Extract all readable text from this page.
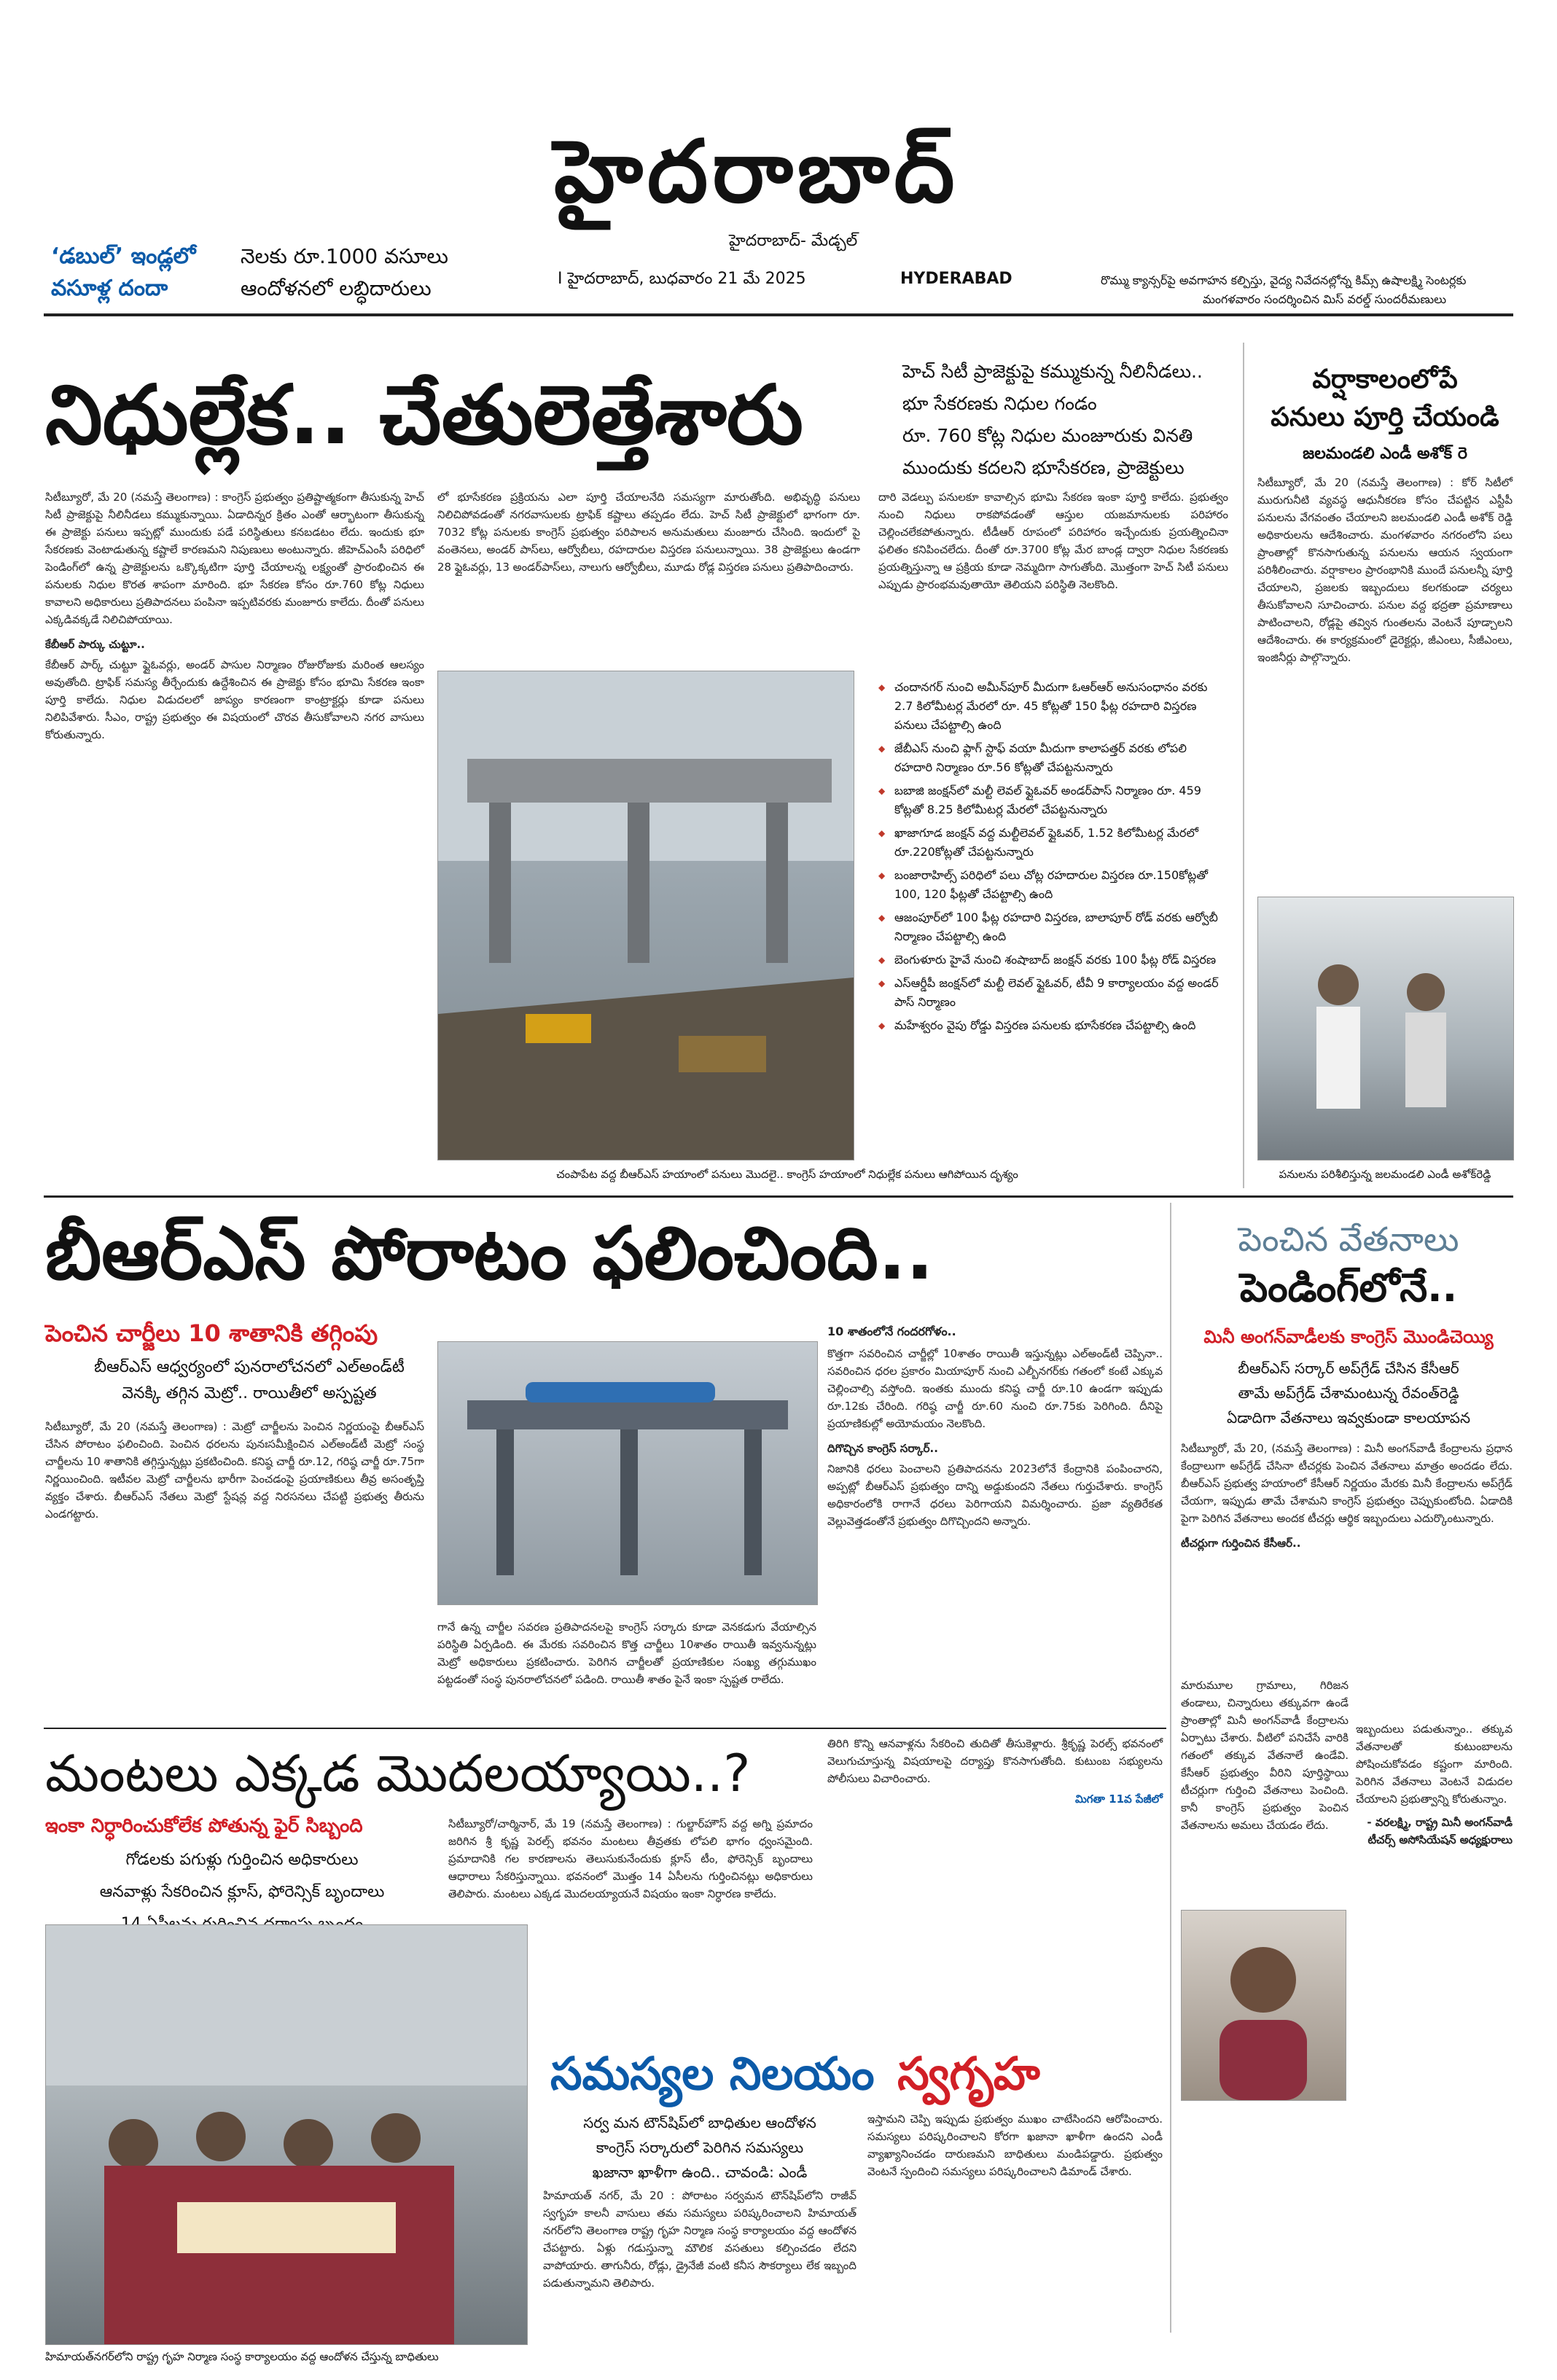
హైదరాబాద్
హైదరాబాద్- మేడ్చల్
I హైదరాబాద్, బుధవారం 21 మే 2025	HYDERABAD
‘డబుల్’ ఇండ్లలో
వసూళ్ల దందా
నెలకు రూ.1000 వసూలు
ఆందోళనలో లబ్ధిదారులు	రొమ్ము క్యాన్సర్‌పై అవగాహన కల్పిస్తు, వైద్య నివేదనల్లోన్న కిమ్స్ ఉషాలక్ష్మి సెంటర్లకు
మంగళవారం సందర్శించిన మిస్ వరల్డ్ సుందరీమణులు
నిధుల్లేక.. చేతులెత్తేశారు	హెచ్ సిటీ ప్రాజెక్టుపై కమ్ముకున్న నీలినీడలు..
భూ సేకరణకు నిధుల గండం
రూ. 760 కోట్ల నిధుల మంజూరుకు వినతి
ముందుకు కదలని భూసేకరణ, ప్రాజెక్టులు
సిటీబ్యూరో, మే 20 (నమస్తే తెలంగాణ) : కాంగ్రెస్ ప్రభుత్వం ప్రతిష్టాత్మకంగా తీసుకున్న హెచ్ సిటీ ప్రాజెక్టుపై నీలినీడలు కమ్ముకున్నాయి. ఏడాదిన్నర క్రితం ఎంతో ఆర్భాటంగా తీసుకున్న ఈ ప్రాజెక్టు పనులు ఇప్పట్లో ముందుకు పడే పరిస్థితులు కనబడటం లేదు. ఇందుకు భూ సేకరణకు వెంటాడుతున్న కష్టాలే కారణమని నిపుణులు అంటున్నారు. జీహెచ్ఎంసీ పరిధిలో పెండింగ్‌లో ఉన్న ప్రాజెక్టులను ఒక్కొక్కటిగా పూర్తి చేయాలన్న లక్ష్యంతో ప్రారంభించిన ఈ పనులకు నిధుల కొరత శాపంగా మారింది. భూ సేకరణ కోసం రూ.760 కోట్ల నిధులు కావాలని అధికారులు ప్రతిపాదనలు పంపినా ఇప్పటివరకు మంజూరు కాలేదు. దీంతో పనులు ఎక్కడివక్కడే నిలిచిపోయాయి.
కేబీఆర్ పార్కు చుట్టూ..
కేబీఆర్ పార్క్ చుట్టూ ఫ్లైఓవర్లు, అండర్ పాసుల నిర్మాణం రోజురోజుకు మరింత ఆలస్యం అవుతోంది. ట్రాఫిక్ సమస్య తీర్చేందుకు ఉద్దేశించిన ఈ ప్రాజెక్టు కోసం భూమి సేకరణ ఇంకా పూర్తి కాలేదు. నిధుల విడుదలలో జాప్యం కారణంగా కాంట్రాక్టర్లు కూడా పనులు నిలిపివేశారు. సీఎం, రాష్ట్ర ప్రభుత్వం ఈ విషయంలో చొరవ తీసుకోవాలని నగర వాసులు కోరుతున్నారు.
లో భూసేకరణ ప్రక్రియను ఎలా పూర్తి చేయాలనేది సమస్యగా మారుతోంది. అభివృద్ధి పనులు నిలిచిపోవడంతో నగరవాసులకు ట్రాఫిక్ కష్టాలు తప్పడం లేదు. హెచ్ సిటీ ప్రాజెక్టులో భాగంగా రూ. 7032 కోట్ల పనులకు కాంగ్రెస్ ప్రభుత్వం పరిపాలన అనుమతులు మంజూరు చేసింది. ఇందులో పై వంతెనలు, అండర్ పాస్‌లు, ఆర్వోబీలు, రహదారుల విస్తరణ పనులున్నాయి. 38 ప్రాజెక్టులు ఉండగా 28 ఫ్లైఓవర్లు, 13 అండర్‌పాస్‌లు, నాలుగు ఆర్వోబీలు, మూడు రోడ్ల విస్తరణ పనులు ప్రతిపాదించారు.
చంపాపేట వద్ద బీఆర్ఎస్ హయాంలో పనులు మొదలై.. కాంగ్రెస్ హయాంలో నిధుల్లేక పనులు ఆగిపోయిన దృశ్యం
దారి వెడల్పు పనులకూ కావాల్సిన భూమి సేకరణ ఇంకా పూర్తి కాలేదు. ప్రభుత్వం నుంచి నిధులు రాకపోవడంతో ఆస్తుల యజమానులకు పరిహారం చెల్లించలేకపోతున్నారు. టీడీఆర్ రూపంలో పరిహారం ఇచ్చేందుకు ప్రయత్నించినా ఫలితం కనిపించలేదు. దీంతో రూ.3700 కోట్ల మేర బాండ్ల ద్వారా నిధుల సేకరణకు ప్రయత్నిస్తున్నా ఆ ప్రక్రియ కూడా నెమ్మదిగా సాగుతోంది. మొత్తంగా హెచ్ సిటీ పనులు ఎప్పుడు ప్రారంభమవుతాయో తెలియని పరిస్థితి నెలకొంది.
◆ చందానగర్ నుంచి అమీన్‌పూర్ మీదుగా ఓఆర్ఆర్ అనుసంధానం వరకు 2.7 కిలోమీటర్ల మేరలో రూ. 45 కోట్లతో 150 ఫీట్ల రహదారి విస్తరణ పనులు చేపట్టాల్సి ఉంది
◆ జేబీఎస్ నుంచి ఫ్లాగ్ స్టాఫ్ వయా మీదుగా కాలాపత్తర్ వరకు లోపలి రహదారి నిర్మాణం రూ.56 కోట్లతో చేపట్టనున్నారు
◆ బబాజి జంక్షన్‌లో మల్టీ లెవల్ ఫ్లైఓవర్ అండర్‌పాస్ నిర్మాణం రూ. 459 కోట్లతో 8.25 కిలోమీటర్ల మేరలో చేపట్టనున్నారు
◆ ఖాజాగూడ జంక్షన్ వద్ద మల్టీలెవల్ ఫ్లైఓవర్, 1.52 కిలోమీటర్ల మేరలో రూ.220కోట్లతో చేపట్టనున్నారు
◆ బంజారాహిల్స్ పరిధిలో పలు చోట్ల రహదారుల విస్తరణ రూ.150కోట్లతో 100, 120 ఫీట్లతో చేపట్టాల్సి ఉంది
◆ ఆజంపూర్‌లో 100 ఫీట్ల రహదారి విస్తరణ, బాలాపూర్ రోడ్ వరకు ఆర్వోబీ నిర్మాణం చేపట్టాల్సి ఉంది
◆ బెంగుళూరు హైవే నుంచి శంషాబాద్ జంక్షన్ వరకు 100 ఫీట్ల రోడ్ విస్తరణ
◆ ఎస్ఆర్డీపీ జంక్షన్‌లో మల్టీ లెవల్ ఫ్లైఓవర్, టీవీ 9 కార్యాలయం వద్ద అండర్ పాస్ నిర్మాణం
◆ మహేశ్వరం వైపు రోడ్డు విస్తరణ పనులకు భూసేకరణ చేపట్టాల్సి ఉంది
వర్షాకాలంలోపే
పనులు పూర్తి చేయండి
జలమండలి ఎండీ అశోక్ రె
సిటీబ్యూరో, మే 20 (నమస్తే తెలంగాణ) : కోర్ సిటీలో మురుగునీటి వ్యవస్థ ఆధునీకరణ కోసం చేపట్టిన ఎస్టీపీ పనులను వేగవంతం చేయాలని జలమండలి ఎండీ అశోక్ రెడ్డి అధికారులను ఆదేశించారు. మంగళవారం నగరంలోని పలు ప్రాంతాల్లో కొనసాగుతున్న పనులను ఆయన స్వయంగా పరిశీలించారు. వర్షాకాలం ప్రారంభానికి ముందే పనులన్నీ పూర్తి చేయాలని, ప్రజలకు ఇబ్బందులు కలగకుండా చర్యలు తీసుకోవాలని సూచించారు. పనుల వద్ద భద్రతా ప్రమాణాలు పాటించాలని, రోడ్లపై తవ్విన గుంతలను వెంటనే పూడ్చాలని ఆదేశించారు. ఈ కార్యక్రమంలో డైరెక్టర్లు, జీఎంలు, సీజీఎంలు, ఇంజినీర్లు పాల్గొన్నారు.
పనులను పరిశీలిస్తున్న జలమండలి ఎండీ అశోక్‌రెడ్డి
బీఆర్ఎస్ పోరాటం ఫలించింది..
పెంచిన చార్జీలు 10 శాతానికి తగ్గింపు
బీఆర్ఎస్ ఆధ్వర్యంలో పునరాలోచనలో ఎల్అండ్‌టీ
వెనక్కి తగ్గిన మెట్రో.. రాయితీలో అస్పష్టత
సిటీబ్యూరో, మే 20 (నమస్తే తెలంగాణ) : మెట్రో చార్జీలను పెంచిన నిర్ణయంపై బీఆర్ఎస్ చేసిన పోరాటం ఫలించింది. పెంచిన ధరలను పునఃసమీక్షించిన ఎల్అండ్‌టీ మెట్రో సంస్థ చార్జీలను 10 శాతానికి తగ్గిస్తున్నట్లు ప్రకటించింది. కనిష్ఠ చార్జీ రూ.12, గరిష్ఠ చార్జీ రూ.75గా నిర్ణయించింది. ఇటీవల మెట్రో చార్జీలను భారీగా పెంచడంపై ప్రయాణికులు తీవ్ర అసంతృప్తి వ్యక్తం చేశారు. బీఆర్ఎస్ నేతలు మెట్రో స్టేషన్ల వద్ద నిరసనలు చేపట్టి ప్రభుత్వ తీరును ఎండగట్టారు.
గానే ఉన్న చార్జీల సవరణ ప్రతిపాదనలపై కాంగ్రెస్ సర్కారు కూడా వెనకడుగు వేయాల్సిన పరిస్థితి ఏర్పడింది. ఈ మేరకు సవరించిన కొత్త చార్జీలు 10శాతం రాయితీ ఇవ్వనున్నట్లు మెట్రో అధికారులు ప్రకటించారు. పెరిగిన చార్జీలతో ప్రయాణికుల సంఖ్య తగ్గుముఖం పట్టడంతో సంస్థ పునరాలోచనలో పడింది. రాయితీ శాతం పైనే ఇంకా స్పష్టత రాలేదు.
10 శాతంలోనే గందరగోళం..
కొత్తగా సవరించిన చార్జీల్లో 10శాతం రాయితీ ఇస్తున్నట్లు ఎల్అండ్‌టీ చెప్పినా.. సవరించిన ధరల ప్రకారం మియాపూర్ నుంచి ఎల్బీనగర్‌కు గతంలో కంటే ఎక్కువ చెల్లించాల్సి వస్తోంది. ఇంతకు ముందు కనిష్ఠ చార్జీ రూ.10 ఉండగా ఇప్పుడు రూ.12కు చేరింది. గరిష్ఠ చార్జీ రూ.60 నుంచి రూ.75కు పెరిగింది. దీనిపై ప్రయాణికుల్లో అయోమయం నెలకొంది.
దిగొచ్చిన కాంగ్రెస్ సర్కార్..
నిజానికి ధరలు పెంచాలని ప్రతిపాదనను 2023లోనే కేంద్రానికి పంపించారని, అప్పట్లో బీఆర్ఎస్ ప్రభుత్వం దాన్ని అడ్డుకుందని నేతలు గుర్తుచేశారు. కాంగ్రెస్ అధికారంలోకి రాగానే ధరలు పెరిగాయని విమర్శించారు. ప్రజా వ్యతిరేకత వెల్లువెత్తడంతోనే ప్రభుత్వం దిగొచ్చిందని అన్నారు.
పెంచిన వేతనాలు
పెండింగ్‌లోనే..
మినీ అంగన్‌వాడీలకు కాంగ్రెస్ మొండిచెయ్యి
బీఆర్ఎస్ సర్కార్ అప్‌గ్రేడ్ చేసిన కేసీఆర్
తామే అప్‌గ్రేడ్ చేశామంటున్న రేవంత్‌రెడ్డి
ఏడాదిగా వేతనాలు ఇవ్వకుండా కాలయాపన
సిటీబ్యూరో, మే 20, (నమస్తే తెలంగాణ) : మినీ అంగన్‌వాడీ కేంద్రాలను ప్రధాన కేంద్రాలుగా అప్‌గ్రేడ్ చేసినా టీచర్లకు పెంచిన వేతనాలు మాత్రం అందడం లేదు. బీఆర్ఎస్ ప్రభుత్వ హయాంలో కేసీఆర్ నిర్ణయం మేరకు మినీ కేంద్రాలను అప్‌గ్రేడ్ చేయగా, ఇప్పుడు తామే చేశామని కాంగ్రెస్ ప్రభుత్వం చెప్పుకుంటోంది. ఏడాదికి పైగా పెరిగిన వేతనాలు అందక టీచర్లు ఆర్థిక ఇబ్బందులు ఎదుర్కొంటున్నారు.
టీచర్లుగా గుర్తించిన కేసీఆర్..
మారుమూల గ్రామాలు, గిరిజన తండాలు, చిన్నారులు తక్కువగా ఉండే ప్రాంతాల్లో మినీ అంగన్‌వాడీ కేంద్రాలను ఏర్పాటు చేశారు. వీటిలో పనిచేసే వారికి గతంలో తక్కువ వేతనాలే ఉండేవి. కేసీఆర్ ప్రభుత్వం వీరిని పూర్తిస్థాయి టీచర్లుగా గుర్తించి వేతనాలు పెంచింది. కానీ కాంగ్రెస్ ప్రభుత్వం పెంచిన వేతనాలను అమలు చేయడం లేదు.
ఇబ్బందులు పడుతున్నాం.. తక్కువ వేతనాలతో కుటుంబాలను పోషించుకోవడం కష్టంగా మారింది. పెరిగిన వేతనాలు వెంటనే విడుదల చేయాలని ప్రభుత్వాన్ని కోరుతున్నాం.
- వరలక్ష్మి, రాష్ట్ర మినీ అంగన్‌వాడీ టీచర్స్ అసోసియేషన్ అధ్యక్షురాలు
మంటలు ఎక్కడ మొదలయ్యాయి..?
ఇంకా నిర్ధారించుకోలేక పోతున్న ఫైర్ సిబ్బంది
గోడలకు పగుళ్లు గుర్తించిన అధికారులు
ఆనవాళ్లు సేకరించిన క్లూస్, ఫోరెన్సిక్ బృందాలు
సిటీబ్యూరో/చార్మినార్, మే 19 (నమస్తే తెలంగాణ) : గుల్జార్‌హౌస్ వద్ద అగ్ని ప్రమాదం జరిగిన శ్రీ కృష్ణ పెరల్స్ భవనం మంటలు తీవ్రతకు లోపలి భాగం ధ్వంసమైంది. ప్రమాదానికి గల కారణాలను తెలుసుకునేందుకు క్లూస్ టీం, ఫోరెన్సిక్ బృందాలు ఆధారాలు సేకరిస్తున్నాయి. భవనంలో మొత్తం 14 ఏసీలను గుర్తించినట్లు అధికారులు తెలిపారు. మంటలు ఎక్కడ మొదలయ్యాయనే విషయం ఇంకా నిర్ధారణ కాలేదు.
తిరిగి కొన్ని ఆనవాళ్లను సేకరించి తుదితో తీసుకెళ్లారు. శ్రీకృష్ణ పెరల్స్ భవనంలో వెలుగుచూస్తున్న విషయాలపై దర్యాప్తు కొనసాగుతోంది. కుటుంబ సభ్యులను పోలీసులు విచారించారు.
మిగతా 11వ పేజీలో
సమస్యల నిలయం స్వగృహ
హిమాయత్‌నగర్‌లోని రాష్ట్ర గృహ నిర్మాణ సంస్థ కార్యాలయం వద్ద ఆందోళన చేస్తున్న బాధితులు
సర్వ మన టౌన్‌షిప్‌లో బాధితుల ఆందోళన
కాంగ్రెస్ సర్కారులో పెరిగిన సమస్యలు
ఖజానా ఖాళీగా ఉంది.. చావండి: ఎండీ
హిమాయత్ నగర్, మే 20 : పోరాటం సర్వమన టౌన్‌షిప్‌లోని రాజీవ్ స్వగృహ కాలనీ వాసులు తమ సమస్యలు పరిష్కరించాలని హిమాయత్ నగర్‌లోని తెలంగాణ రాష్ట్ర గృహ నిర్మాణ సంస్థ కార్యాలయం వద్ద ఆందోళన చేపట్టారు. ఏళ్లు గడుస్తున్నా మౌలిక వసతులు కల్పించడం లేదని వాపోయారు. తాగునీరు, రోడ్లు, డ్రైనేజీ వంటి కనీస సౌకర్యాలు లేక ఇబ్బంది పడుతున్నామని తెలిపారు.
ఇస్తామని చెప్పి ఇప్పుడు ప్రభుత్వం ముఖం చాటేసిందని ఆరోపించారు. సమస్యలు పరిష్కరించాలని కోరగా ఖజానా ఖాళీగా ఉందని ఎండీ వ్యాఖ్యానించడం దారుణమని బాధితులు మండిపడ్డారు. ప్రభుత్వం వెంటనే స్పందించి సమస్యలు పరిష్కరించాలని డిమాండ్ చేశారు.
